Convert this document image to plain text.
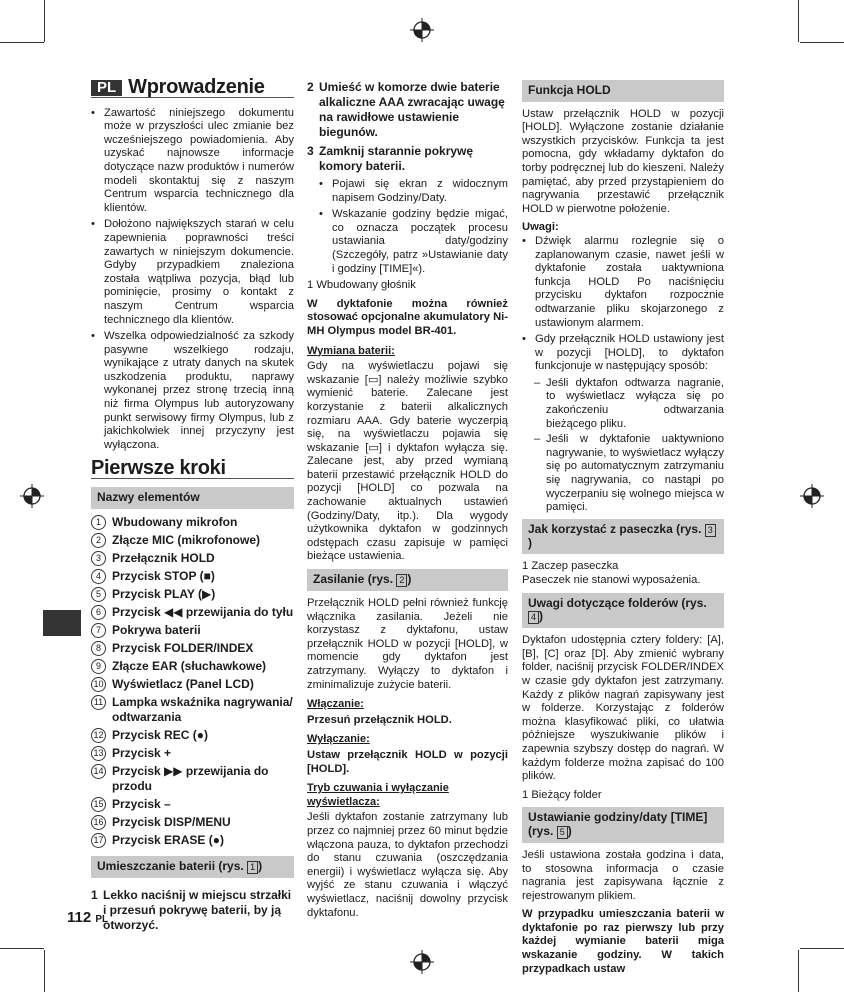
PL Wprowadzenie
• Zawartość niniejszego dokumentu może w przyszłości ulec zmianie bez wcześniejszego powiadomienia. Aby uzyskać najnowsze informacje dotyczące nazw produktów i numerów modeli skontaktuj się z naszym Centrum wsparcia technicznego dla klientów.
• Dołożono największych starań w celu zapewnienia poprawności treści zawartych w niniejszym dokumencie. Gdyby przypadkiem znaleziona została wątpliwa pozycja, błąd lub pominięcie, prosimy o kontakt z naszym Centrum wsparcia technicznego dla klientów.
• Wszelka odpowiedzialność za szkody pasywne wszelkiego rodzaju, wynikające z utraty danych na skutek uszkodzenia produktu, naprawy wykonanej przez stronę trzecią inną niż firma Olympus lub autoryzowany punkt serwisowy firmy Olympus, lub z jakichkolwiek innej przyczyny jest wyłączona.
Pierwsze kroki
Nazwy elementów
1 Wbudowany mikrofon
2 Złącze MIC (mikrofonowe)
3 Przełącznik HOLD
4 Przycisk STOP (■)
5 Przycisk PLAY (▶)
6 Przycisk ◀◀ przewijania do tyłu
7 Pokrywa baterii
8 Przycisk FOLDER/INDEX
9 Złącze EAR (słuchawkowe)
10 Wyświetlacz (Panel LCD)
11 Lampka wskaźnika nagrywania/ odtwarzania
12 Przycisk REC (●)
13 Przycisk +
14 Przycisk ▶▶ przewijania do przodu
15 Przycisk –
16 Przycisk DISP/MENU
17 Przycisk ERASE (●)
Umieszczanie baterii (rys. 1 )
1 Lekko naciśnij w miejscu strzałki i przesuń pokrywę baterii, by ją otworzyć.
2 Umieść w komorze dwie baterie alkaliczne AAA zwracając uwagę na rawidłowe ustawienie biegunów.
3 Zamknij starannie pokrywę komory baterii.
• Pojawi się ekran z widocznym napisem Godziny/Daty.
• Wskazanie godziny będzie migać, co oznacza początek procesu ustawiania daty/godziny (Szczegóły, patrz »Ustawianie daty i godziny [TIME]«).
1 Wbudowany głośnik
W dyktafonie można również stosować opcjonalne akumulatory Ni-MH Olympus model BR-401.
Wymiana baterii:
Gdy na wyświetlaczu pojawi się wskazanie [▭] należy możliwie szybko wymienić baterie. Zalecane jest korzystanie z baterii alkalicznych rozmiaru AAA. Gdy baterie wyczerpią się, na wyświetlaczu pojawia się wskazanie [▭] i dyktafon wyłącza się. Zalecane jest, aby przed wymianą baterii przestawić przełącznik HOLD do pozycji [HOLD] co pozwala na zachowanie aktualnych ustawień (Godziny/Daty, itp.). Dla wygody użytkownika dyktafon w godzinnych odstępach czasu zapisuje w pamięci bieżące ustawienia.
Zasilanie (rys. 2 )
Przełącznik HOLD pełni również funkcję włącznika zasilania. Jeżeli nie korzystasz z dyktafonu, ustaw przełącznik HOLD w pozycji [HOLD], w momencie gdy dyktafon jest zatrzymany. Wyłączy to dyktafon i zminimalizuje zużycie baterii.
Włączanie:
Przesuń przełącznik HOLD.
Wyłączanie:
Ustaw przełącznik HOLD w pozycji [HOLD].
Tryb czuwania i wyłączanie wyświetlacza:
Jeśli dyktafon zostanie zatrzymany lub przez co najmniej przez 60 minut będzie włączona pauza, to dyktafon przechodzi do stanu czuwania (oszczędzania energii) i wyświetlacz wyłącza się. Aby wyjść ze stanu czuwania i włączyć wyświetlacz, naciśnij dowolny przycisk dyktafonu.
Funkcja HOLD
Ustaw przełącznik HOLD w pozycji [HOLD]. Wyłączone zostanie działanie wszystkich przycisków. Funkcja ta jest pomocna, gdy wkładamy dyktafon do torby podręcznej lub do kieszeni. Należy pamiętać, aby przed przystąpieniem do nagrywania przestawić przełącznik HOLD w pierwotne położenie.
Uwagi:
• Dźwięk alarmu rozlegnie się o zaplanowanym czasie, nawet jeśli w dyktafonie została uaktywniona funkcja HOLD Po naciśnięciu przycisku dyktafon rozpocznie odtwarzanie pliku skojarzonego z ustawionym alarmem.
• Gdy przełącznik HOLD ustawiony jest w pozycji [HOLD], to dyktafon funkcjonuje w następujący sposób:
– Jeśli dyktafon odtwarza nagranie, to wyświetlacz wyłącza się po zakończeniu odtwarzania bieżącego pliku.
– Jeśli w dyktafonie uaktywniono nagrywanie, to wyświetlacz wyłączy się po automatycznym zatrzymaniu się nagrywania, co nastąpi po wyczerpaniu się wolnego miejsca w pamięci.
Jak korzystać z paseczka (rys. 3)
1 Zaczep paseczka
Paseczek nie stanowi wyposażenia.
Uwagi dotyczące folderów (rys. 4 )
Dyktafon udostępnia cztery foldery: [A], [B], [C] oraz [D]. Aby zmienić wybrany folder, naciśnij przycisk FOLDER/INDEX w czasie gdy dyktafon jest zatrzymany. Każdy z plików nagrań zapisywany jest w folderze. Korzystając z folderów można klasyfikować pliki, co ułatwia późniejsze wyszukiwanie plików i zapewnia szybszy dostęp do nagrań. W każdym folderze można zapisać do 100 plików.
1 Bieżący folder
Ustawianie godziny/daty [TIME] (rys. 5 )
Jeśli ustawiona została godzina i data, to stosowna informacja o czasie nagrania jest zapisywana łącznie z rejestrowanym plikiem.
W przypadku umieszczania baterii w dyktafonie po raz pierwszy lub przy każdej wymianie baterii miga wskazanie godziny. W takich przypadkach ustaw
112 PL
